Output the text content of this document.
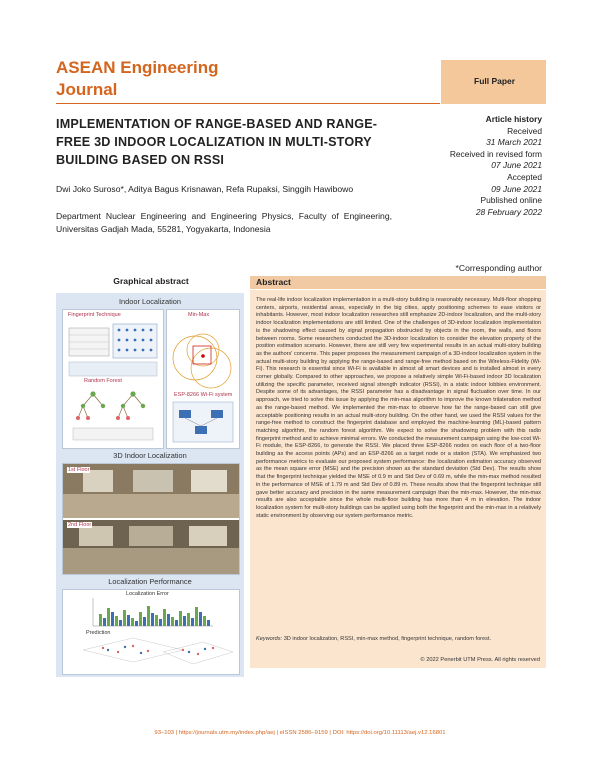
ASEAN Engineering
Journal	Full Paper
IMPLEMENTATION OF RANGE-BASED AND RANGE-FREE 3D INDOOR LOCALIZATION IN MULTI-STORY BUILDING BASED ON RSSI
Dwi Joko Suroso*, Aditya Bagus Krisnawan, Refa Rupaksi, Singgih Hawibowo
Department Nuclear Engineering and Engineering Physics, Faculty of Engineering, Universitas Gadjah Mada, 55281, Yogyakarta, Indonesia
Article history
Received
31 March 2021
Received in revised form
07 June 2021
Accepted
09 June 2021
Published online
28 February 2022
*Corresponding author
Graphical abstract
Indoor Localization
Fingerprint Technique
Random Forest
Min-Max
ESP-8266 Wi-Fi system
3D Indoor Localization
1st Floor
2nd Floor
Localization Performance
Localization Error
Prediction
Abstract
The real-life indoor localization implementation in a multi-story building is reasonably necessary. Multi-floor shopping centers, airports, residential areas, especially in the big cities, apply positioning schemes to ease visitors or inhabitants. However, most indoor localization researches still emphasize 2D-indoor localization, and the multi-story indoor localization implementations are still limited. One of the challenges of 3D-indoor localization implementation is the shadowing effect caused by signal propagation obstructed by objects in the room, the walls, and floors between rooms. Some researchers conducted the 3D-indoor localization to consider the elevation property of the position estimation scenario. However, there are still very few experimental results in an actual multi-story building as the authors' concerns. This paper proposes the measurement campaign of a 3D-indoor localization system in the actual multi-story building by applying the range-based and range-free method based on the Wireless-Fidelity (Wi-Fi). This research is essential since Wi-Fi is available in almost all smart devices and is installed almost in every corner globally. Compared to other approaches, we propose a relatively simple Wi-Fi-based indoor 3D localization utilizing the specific parameter, received signal strength indicator (RSSI), in a static indoor lobbies environment. Despite some of its advantages, the RSSI parameter has a disadvantage in signal fluctuation over time. In our approach, we tried to solve this issue by applying the min-max algorithm to improve the known trilateration method as the range-based method. We implemented the min-max to observe how far the range-based can still give acceptable positioning results in an actual multi-story building. On the other hand, we used the RSSI values for the range-free method to construct the fingerprint database and employed the machine-learning (ML)-based pattern matching algorithm, the random forest algorithm. We expect to solve the shadowing problem with this radio fingerprint method and to achieve minimal errors. We conducted the measurement campaign using the low-cost Wi-Fi module, the ESP-8266, to generate the RSSI. We placed three ESP-8266 nodes on each floor of a two-floor building as the access points (APs) and an ESP-8266 as a target node or a station (STA). We emphasized two performance metrics to evaluate our proposed system performance: the localization estimation accuracy observed as the mean square error (MSE) and the precision shown as the standard deviation (Std Dev). The results show that the fingerprint technique yielded the MSE of 0.9 m and Std Dev of 0.69 m, while the min-max method resulted in the performance of MSE of 1.79 m and Std Dev of 0.89 m. These results show that the fingerprint technique still gave better accuracy and precision in the same measurement campaign than the min-max. However, the min-max results are also acceptable since the whole multi-floor building has more than 4 m in elevation. The indoor localization system for multi-story buildings can be applied using both the fingerprint and the min-max in a relatively static environment by observing our system performance metric.
Keywords: 3D indoor localization, RSSI, min-max method, fingerprint technique, random forest.
© 2022 Penerbit UTM Press. All rights reserved
93–103 | https://journals.utm.my/index.php/aej | eISSN 2586–9159 | DOI: https://doi.org/10.11113/aej.v12.16801
